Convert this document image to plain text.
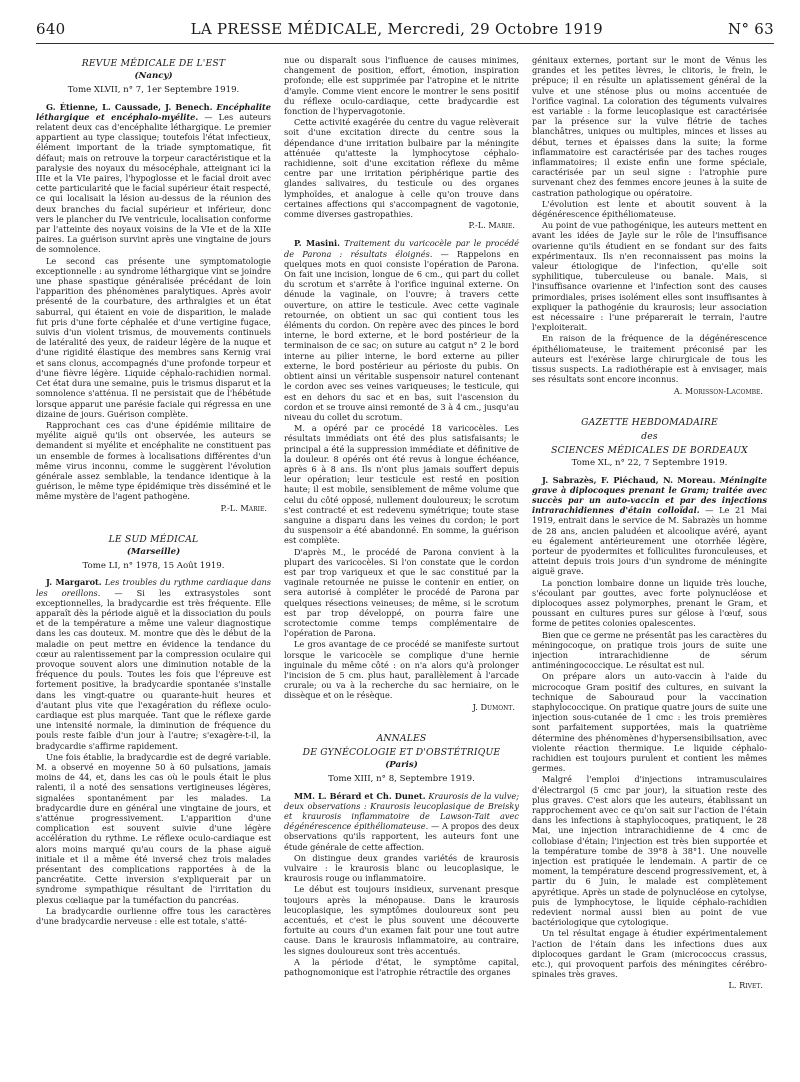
640	LA PRESSE MÉDICALE, Mercredi, 29 Octobre 1919	N° 63
REVUE MÉDICALE DE L'EST
(Nancy)
Tome XLVII, n° 7, 1er Septembre 1919.

G. Étienne, L. Caussade, J. Benech. Encéphalite léthargique et encéphalo-myélite. — Les auteurs relatent deux cas d'encéphalite léthargique. Le premier appartient au type classique; toutefois l'état infectieux, élément important de la triade symptomatique, fit défaut; mais on retrouve la torpeur caractéristique et la paralysie des noyaux du mésocéphale, atteignant ici la IIIe et la VIe paires, l'hypoglosse et le facial droit avec cette particularité que le facial supérieur était respecté, ce qui localisait la lésion au-dessus de la réunion des deux branches du facial supérieur et inférieur, donc vers le plancher du IVe ventricule, localisation conforme par l'atteinte des noyaux voisins de la VIe et de la XIIe paires. La guérison survint après une vingtaine de jours de somnolence.

Le second cas présente une symptomatologie exceptionnelle : au syndrome léthargique vint se joindre une phase spastique généralisée précédant de loin l'apparition des phénomènes paralytiques. Après avoir présenté de la courbature, des arthralgies et un état saburral, qui étaient en voie de disparition, le malade fut pris d'une forte céphalée et d'une vertigine fugace, suivis d'un violent trismus, de mouvements continuels de latéralité des yeux, de raideur légère de la nuque et d'une rigidité élastique des membres sans Kernig vrai et sans clonus, accompagnés d'une profonde torpeur et d'une fièvre légère. Liquide céphalo-rachidien normal. Cet état dura une semaine, puis le trismus disparut et la somnolence s'atténua. Il ne persistait que de l'hébétude lorsque apparut une parésie faciale qui régressa en une dizaine de jours. Guérison complète.

Rapprochant ces cas d'une épidémie militaire de myélite aiguë qu'ils ont observée, les auteurs se demandent si myélite et encéphalite ne constituent pas un ensemble de formes à localisations différentes d'un même virus inconnu, comme le suggèrent l'évolution générale assez semblable, la tendance identique à la guérison, le même type épidémique très disséminé et le même mystère de l'agent pathogène.

P.-L. Marie.
LE SUD MÉDICAL
(Marseille)
Tome LI, n° 1978, 15 Août 1919.

J. Margarot. Les troubles du rythme cardiaque dans les oreillons. — Si les extrasystoles sont exceptionnelles, la bradycardie est très fréquente. Elle apparaît dès la période aiguë et la dissociation du pouls et de la température a même une valeur diagnostique dans les cas douteux. M. montre que dès le début de la maladie on peut mettre en évidence la tendance du cœur au ralentissement par la compression oculaire qui provoque souvent alors une diminution notable de la fréquence du pouls. Toutes les fois que l'épreuve est fortement positive, la bradycardie spontanée s'installe dans les vingt-quatre ou quarante-huit heures et d'autant plus vite que l'exagération du réflexe oculo-cardiaque est plus marquée. Tant que le réflexe garde une intensité normale, la diminution de fréquence du pouls reste faible d'un jour à l'autre; s'exagère-t-il, la bradycardie s'affirme rapidement.

Une fois établie, la bradycardie est de degré variable. M. a observé en moyenne 50 à 60 pulsations, jamais moins de 44, et, dans les cas où le pouls était le plus ralenti, il a noté des sensations vertigineuses légères, signalées spontanément par les malades. La bradycardie dure en général une vingtaine de jours, et s'atténue progressivement. L'apparition d'une complication est souvent suivie d'une légère accélération du rythme. Le réflexe oculo-cardiaque est alors moins marqué qu'au cours de la phase aiguë initiale et il a même été inversé chez trois malades présentant des complications rapportées à de la pancréatite. Cette inversion s'expliquerait par un syndrome sympathique résultant de l'irritation du plexus cœliaque par la tuméfaction du pancréas.

La bradycardie ourlienne offre tous les caractères d'une bradycardie nerveuse : elle est totale, s'atté-

nue ou disparaît sous l'influence de causes minimes, changement de position, effort, émotion, inspiration profonde; elle est supprimée par l'atropine et le nitrite d'amyle. Comme vient encore le montrer le sens positif du réflexe oculo-cardiaque, cette bradycardie est fonction de l'hypervagotonie.

Cette activité exagérée du centre du vague relèverait soit d'une excitation directe du centre sous la dépendance d'une irritation bulbaire par la méningite atténuée qu'atteste la lymphocytose céphalo-rachidienne, soit d'une excitation réflexe du même centre par une irritation périphérique partie des glandes salivaires, du testicule ou des organes lymphoïdes, et analogue à celle qu'on trouve dans certaines affections qui s'accompagnent de vagotonie, comme diverses gastropathies.

P.-L. Marie.

P. Masini. Traitement du varicocèle par le procédé de Parona : résultats éloignés. — Rappelons en quelques mots en quoi consiste l'opération de Parona. On fait une incision, longue de 6 cm., qui part du collet du scrotum et s'arrête à l'orifice inguinal externe. On dénude la vaginale, on l'ouvre; à travers cette ouverture, on attire le testicule. Avec cette vaginale retournée, on obtient un sac qui contient tous les éléments du cordon. On repère avec des pinces le bord interne, le bord externe, et le bord postérieur de la terminaison de ce sac; on suture au catgut n° 2 le bord interne au pilier interne, le bord externe au pilier externe, le bord postérieur au périoste du pubis. On obtient ainsi un véritable suspensoir naturel contenant le cordon avec ses veines variqueuses; le testicule, qui est en dehors du sac et en bas, suit l'ascension du cordon et se trouve ainsi remonté de 3 à 4 cm., jusqu'au niveau du collet du scrotum.

M. a opéré par ce procédé 18 varicocèles. Les résultats immédiats ont été des plus satisfaisants; le principal a été la suppression immédiate et définitive de la douleur. 8 opérés ont été revus à longue échéance, après 6 à 8 ans. Ils n'ont plus jamais souffert depuis leur opération; leur testicule est resté en position haute; il est mobile, sensiblement de même volume que celui du côté opposé, nullement douloureux; le scrotum s'est contracté et est redevenu symétrique; toute stase sanguine a disparu dans les veines du cordon; le port du suspensoir a été abandonné. En somme, la guérison est complète.

D'après M., le procédé de Parona convient à la plupart des varicocèles. Si l'on constate que le cordon est par trop variqueux et que le sac constitué par la vaginale retournée ne puisse le contenir en entier, on sera autorisé à compléter le procédé de Parona par quelques résections veineuses; de même, si le scrotum est par trop développé, on pourra faire une scrotectomie comme temps complémentaire de l'opération de Parona.

Le gros avantage de ce procédé se manifeste surtout lorsque le varicocèle se complique d'une hernie inguinale du même côté : on n'a alors qu'à prolonger l'incision de 5 cm. plus haut, parallèlement à l'arcade crurale; ou va à la recherche du sac herniaire, on le dissèque et on le résèque.

J. Dumont.
ANNALES
DE GYNÉCOLOGIE ET D'OBSTÉTRIQUE
(Paris)
Tome XIII, n° 8, Septembre 1919.

MM. L. Bérard et Ch. Dunet. Kraurosis de la vulve; deux observations : Kraurosis leucoplasique de Breisky et kraurosis inflammatoire de Lawson-Tait avec dégénérescence épithéliomateuse. — A propos des deux observations qu'ils rapportent, les auteurs font une étude générale de cette affection.

On distingue deux grandes variétés de kraurosis vulvaire : le kraurosis blanc ou leucoplasique, le kraurosis rouge ou inflammatoire.

Le début est toujours insidieux, survenant presque toujours après la ménopause. Dans le kraurosis leucoplasique, les symptômes douloureux sont peu accentués, et c'est le plus souvent une découverte fortuite au cours d'un examen fait pour une tout autre cause. Dans le kraurosis inflammatoire, au contraire, les signes douloureux sont très accentués.

A la période d'état, le symptôme capital, pathognomonique est l'atrophie rétractile des organes

génitaux externes, portant sur le mont de Vénus les grandes et les petites lèvres, le clitoris, le frein, le prépuce; il en résulte un aplatissement général de la vulve et une sténose plus ou moins accentuée de l'orifice vaginal. La coloration des téguments vulvaires est variable : la forme leucoplasique est caractérisée par la présence sur la vulve flétrie de taches blanchâtres, uniques ou multiples, minces et lisses au début, ternes et épaisses dans la suite; la forme inflammatoire est caractérisée par des taches rouges inflammatoires; il existe enfin une forme spéciale, caractérisée par un seul signe : l'atrophie pure survenant chez des femmes encore jeunes à la suite de castration pathologique ou opératoire.

L'évolution est lente et aboutit souvent à la dégénérescence épithéliomateuse.

Au point de vue pathogénique, les auteurs mettent en avant les idées de Jayle sur le rôle de l'insuffisance ovarienne qu'ils étudient en se fondant sur des faits expérimentaux. Ils n'en reconnaissent pas moins la valeur étiologique de l'infection, qu'elle soit syphilitique, tuberculeuse ou banale. Mais, si l'insuffisance ovarienne et l'infection sont des causes primordiales, prises isolément elles sont insuffisantes à expliquer la pathogénie du kraurosis; leur association est nécessaire : l'une préparerait le terrain, l'autre l'exploiterait.

En raison de la fréquence de la dégénérescence épithéliomateuse, le traitement préconisé par les auteurs est l'exérèse large chirurgicale de tous les tissus suspects. La radiothérapie est à envisager, mais ses résultats sont encore inconnus.

A. Morisson-Lacombe.
GAZETTE HEBDOMADAIRE
des
SCIENCES MÉDICALES DE BORDEAUX
Tome XL, n° 22, 7 Septembre 1919.

J. Sabrazès, F. Piéchaud, N. Moreau. Méningite grave à diplocoques prenant le Gram; traitée avec succès par un auto-vaccin et par des injections intrarachidiennes d'étain colloïdal. — Le 21 Mai 1919, entrait dans le service de M. Sabrazès un homme de 28 ans, ancien paludéen et alcoolique avéré, ayant eu également antérieurement une otorrhée légère, porteur de pyodermites et folliculites furonculeuses, et atteint depuis trois jours d'un syndrome de méningite aiguë grave.

La ponction lombaire donne un liquide très louche, s'écoulant par gouttes, avec forte polynucléose et diplocoques assez polymorphes, prenant le Gram, et poussant en cultures pures sur gélose à l'œuf, sous forme de petites colonies opalescentes.

Bien que ce germe ne présentât pas les caractères du méningocoque, on pratique trois jours de suite une injection intrarachidienne de sérum antiméningococcique. Le résultat est nul.

On prépare alors un auto-vaccin à l'aide du microcoque Gram positif des cultures, en suivant la technique de Sabouraud pour la vaccination staphylococcique. On pratique quatre jours de suite une injection sous-cutanée de 1 cmc : les trois premières sont parfaitement supportées, mais la quatrième détermine des phénomènes d'hypersensibilisation, avec violente réaction thermique. Le liquide céphalo-rachidien est toujours purulent et contient les mêmes germes.

Malgré l'emploi d'injections intramusculaires d'électrargol (5 cmc par jour), la situation reste des plus graves. C'est alors que les auteurs, établissant un rapprochement avec ce qu'on sait sur l'action de l'étain dans les infections à staphylocoques, pratiquent, le 28 Mai, une injection intrarachidienne de 4 cmc de collobiase d'étain; l'injection est très bien supportée et la température tombe de 39°8 à 38°1. Une nouvelle injection est pratiquée le lendemain. A partir de ce moment, la température descend progressivement, et, à partir du 6 Juin, le malade est complètement apyrétique. Après un stade de polynucléose en cytolyse, puis de lymphocytose, le liquide céphalo-rachidien redevient normal aussi bien au point de vue bactériologique que cytologique.

Un tel résultat engage à étudier expérimentalement l'action de l'étain dans les infections dues aux diplocoques gardant le Gram (micrococcus crassus, etc.), qui provoquent parfois des méningites cérébro-spinales très graves.

L. Rivet.
